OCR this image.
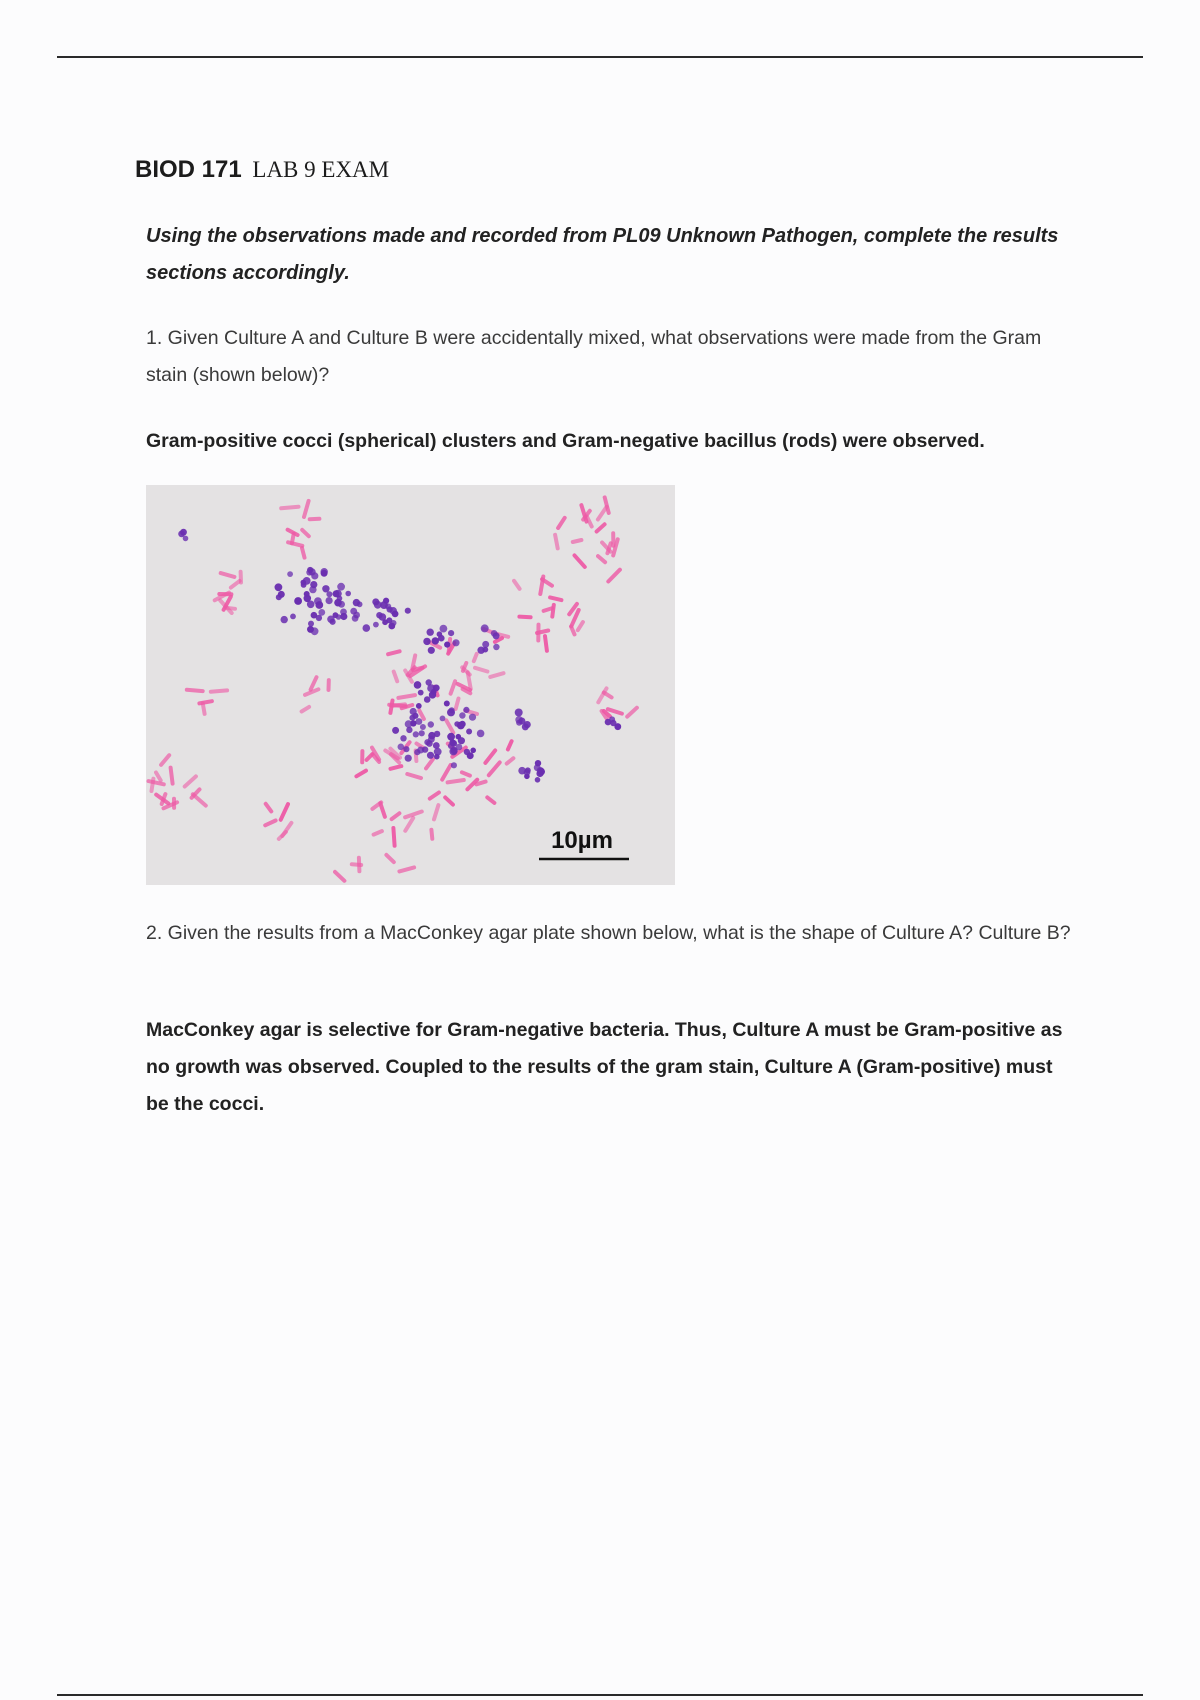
BIOD 171 LAB 9 EXAM
Using the observations made and recorded from PL09 Unknown Pathogen, complete the results sections accordingly.
1. Given Culture A and Culture B were accidentally mixed, what observations were made from the Gram stain (shown below)?
Gram-positive cocci (spherical) clusters and Gram-negative bacillus (rods) were observed.
10µm
2. Given the results from a MacConkey agar plate shown below, what is the shape of Culture A? Culture B?
MacConkey agar is selective for Gram-negative bacteria. Thus, Culture A must be Gram-positive as no growth was observed. Coupled to the results of the gram stain, Culture A (Gram-positive) must be the cocci.
